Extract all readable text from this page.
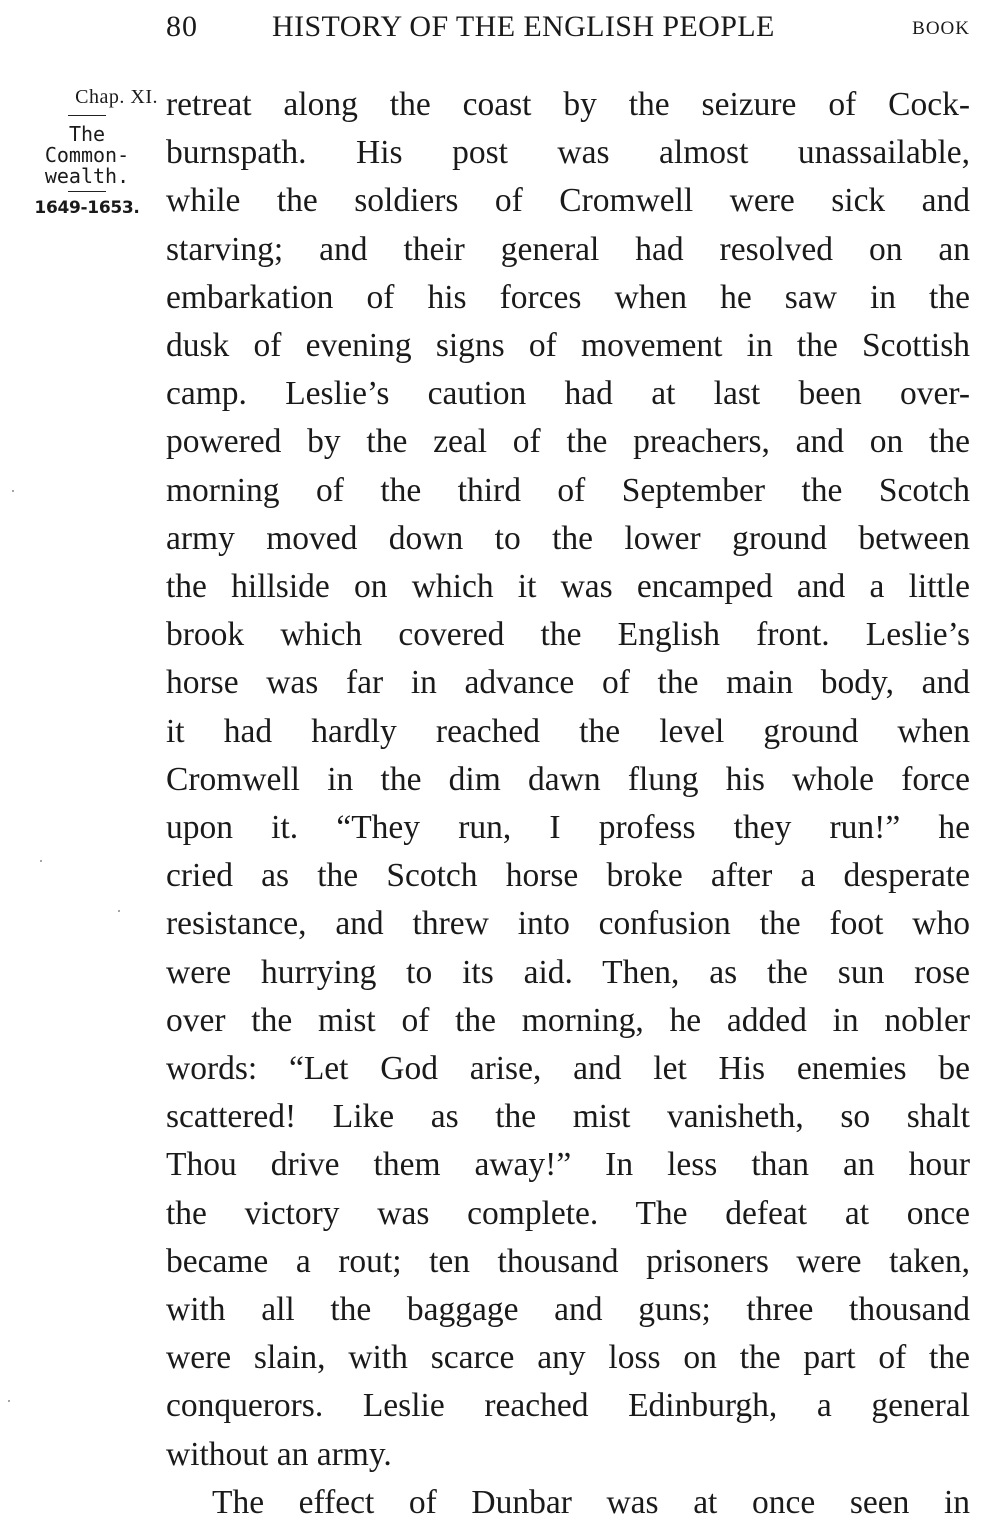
80 HISTORY OF THE ENGLISH PEOPLE	BOOK
Chap. XI.
The
Common-
wealth.
1649-1653.
retreat along the coast by the seizure of Cock-
burnspath. His post was almost unassailable,
while the soldiers of Cromwell were sick and
starving; and their general had resolved on an
embarkation of his forces when he saw in the
dusk of evening signs of movement in the Scottish
camp. Leslie’s caution had at last been over-
powered by the zeal of the preachers, and on the
morning of the third of September the Scotch
army moved down to the lower ground between
the hillside on which it was encamped and a little
brook which covered the English front. Leslie’s
horse was far in advance of the main body, and
it had hardly reached the level ground when
Cromwell in the dim dawn flung his whole force
upon it. “They run, I profess they run!” he
cried as the Scotch horse broke after a desperate
resistance, and threw into confusion the foot who
were hurrying to its aid. Then, as the sun rose
over the mist of the morning, he added in nobler
words: “Let God arise, and let His enemies be
scattered! Like as the mist vanisheth, so shalt
Thou drive them away!” In less than an hour
the victory was complete. The defeat at once
became a rout; ten thousand prisoners were taken,
with all the baggage and guns; three thousand
were slain, with scarce any loss on the part of the
conquerors. Leslie reached Edinburgh, a general
without an army.
The effect of Dunbar was at once seen in
